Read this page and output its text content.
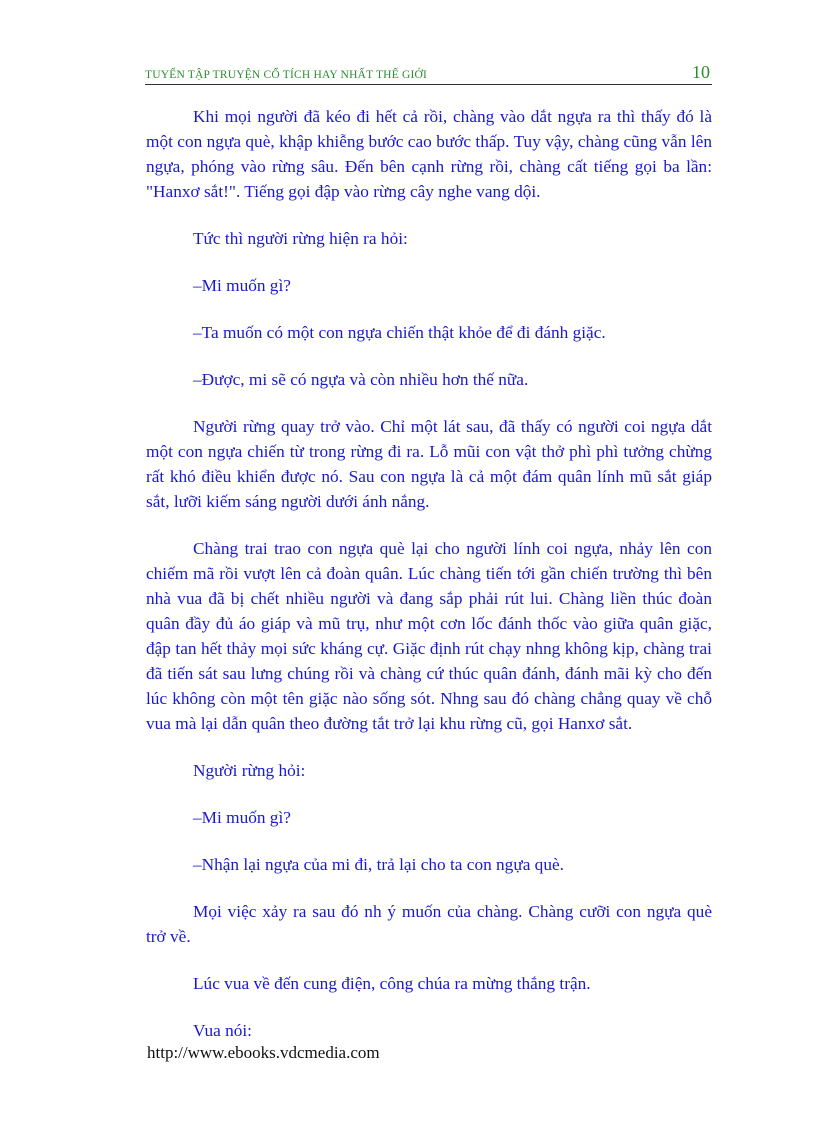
TUYỂN TẬP TRUYỆN CỔ TÍCH HAY NHẤT THẾ GIỚI	10

Khi mọi người đã kéo đi hết cả rồi, chàng vào dắt ngựa ra thì thấy đó là một con ngựa què, khập khiễng bước cao bước thấp. Tuy vậy, chàng cũng vẫn lên ngựa, phóng vào rừng sâu. Đến bên cạnh rừng rồi, chàng cất tiếng gọi ba lần: "Hanxơ sắt!". Tiếng gọi đập vào rừng cây nghe vang dội.

Tức thì người rừng hiện ra hỏi:

–Mi muốn gì?

–Ta muốn có một con ngựa chiến thật khỏe để đi đánh giặc.

–Được, mi sẽ có ngựa và còn nhiều hơn thế nữa.

Người rừng quay trở vào. Chỉ một lát sau, đã thấy có người coi ngựa dắt một con ngựa chiến từ trong rừng đi ra. Lỗ mũi con vật thở phì phì tưởng chừng rất khó điều khiển được nó. Sau con ngựa là cả một đám quân lính mũ sắt giáp sắt, lưỡi kiếm sáng người dưới ánh nắng.

Chàng trai trao con ngựa què lại cho người lính coi ngựa, nhảy lên con chiếm mã rồi vượt lên cả đoàn quân. Lúc chàng tiến tới gần chiến trường thì bên nhà vua đã bị chết nhiều người và đang sắp phải rút lui. Chàng liền thúc đoàn quân đầy đủ áo giáp và mũ trụ, như một cơn lốc đánh thốc vào giữa quân giặc, đập tan hết thảy mọi sức kháng cự. Giặc định rút chạy nhng không kịp, chàng trai đã tiến sát sau lưng chúng rồi và chàng cứ thúc quân đánh, đánh mãi kỳ cho đến lúc không còn một tên giặc nào sống sót. Nhng sau đó chàng chẳng quay về chỗ vua mà lại dẫn quân theo đường tắt trở lại khu rừng cũ, gọi Hanxơ sắt.

Người rừng hỏi:

–Mi muốn gì?

–Nhận lại ngựa của mi đi, trả lại cho ta con ngựa què.

Mọi việc xảy ra sau đó nh ý muốn của chàng. Chàng cưỡi con ngựa què trở về.

Lúc vua về đến cung điện, công chúa ra mừng thắng trận.

Vua nói:

http://www.ebooks.vdcmedia.com
